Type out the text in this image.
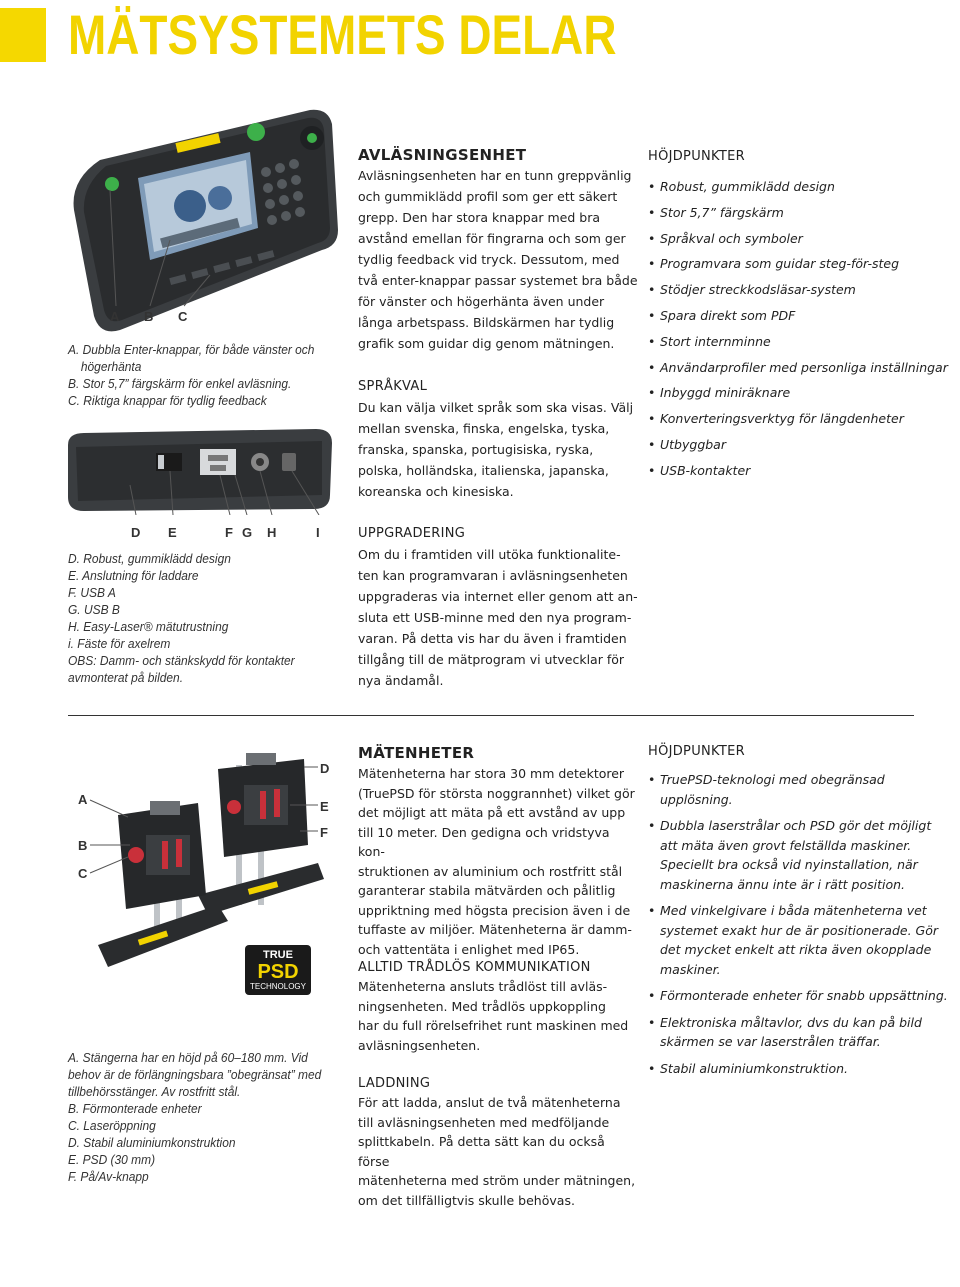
MÄTSYSTEMETS DELAR
A B C
A. Dubbla Enter-knappar, för både vänster och
högerhänta
B. Stor 5,7” färgskärm för enkel avläsning.
C. Riktiga knappar för tydlig feedback
D E	F G H	I
D. Robust, gummiklädd design
E. Anslutning för laddare
F. USB A
G. USB B
H. Easy-Laser® mätutrustning
i. Fäste för axelrem
OBS: Damm- och stänkskydd för kontakter
avmonterat på bilden.
AVLÄSNINGSENHET
Avläsningsenheten har en tunn greppvänlig
och gummiklädd profil som ger ett säkert
grepp. Den har stora knappar med bra
avstånd emellan för fingrarna och som ger
tydlig feedback vid tryck. Dessutom, med
två enter-knappar passar systemet bra både
för vänster och högerhänta även under
långa arbetspass. Bildskärmen har tydlig
grafik som guidar dig genom mätningen.
SPRÅKVAL
Du kan välja vilket språk som ska visas. Välj
mellan svenska, finska, engelska, tyska,
franska, spanska, portugisiska, ryska,
polska, holländska, italienska, japanska,
koreanska och kinesiska.
HÖJDPUNKTER
• Robust, gummiklädd design
• Stor 5,7” färgskärm
• Språkval och symboler
• Programvara som guidar steg-för-steg
• Stödjer streckkodsläsar-system
• Spara direkt som PDF
• Stort internminne
• Användarprofiler med personliga inställningar
• Inbyggd miniräknare
• Konverteringsverktyg för längdenheter
• Utbyggbar
• USB-kontakter
UPPGRADERING
Om du i framtiden vill utöka funktionalite-
ten kan programvaran i avläsningsenheten
uppgraderas via internet eller genom att an-
sluta ett USB-minne med den nya program-
varan. På detta vis har du även i framtiden
tillgång till de mätprogram vi utvecklar för
nya ändamål.
A
B
C
D
E
F
TRUE
PSD
TECHNOLOGY
A. Stängerna har en höjd på 60–180 mm. Vid
behov är de förlängningsbara ”obegränsat” med
tillbehörsstänger. Av rostfritt stål.
B. Förmonterade enheter
C. Laseröppning
D. Stabil aluminiumkonstruktion
E. PSD (30 mm)
F. På/Av-knapp
MÄTENHETER
Mätenheterna har stora 30 mm detektorer
(TruePSD för största noggrannhet) vilket gör
det möjligt att mäta på ett avstånd av upp
till 10 meter. Den gedigna och vridstyva kon-
struktionen av aluminium och rostfritt stål
garanterar stabila mätvärden och pålitlig
uppriktning med högsta precision även i de
tuffaste av miljöer. Mätenheterna är damm-
och vattentäta i enlighet med IP65.
ALLTID TRÅDLÖS KOMMUNIKATION
Mätenheterna ansluts trådlöst till avläs-
ningsenheten. Med trådlös uppkoppling
har du full rörelsefrihet runt maskinen med
avläsningsenheten.
LADDNING
För att ladda, anslut de två mätenheterna
till avläsningsenheten med medföljande
splittkabeln. På detta sätt kan du också förse
mätenheterna med ström under mätningen,
om det tillfälligtvis skulle behövas.
HÖJDPUNKTER
• TruePSD-teknologi med obegränsad upplösning.
• Dubbla laserstrålar och PSD gör det möjligt
att mäta även grovt felställda maskiner.
Speciellt bra också vid nyinstallation, när
maskinerna ännu inte är i rätt position.
• Med vinkelgivare i båda mätenheterna vet
systemet exakt hur de är positionerade. Gör
det mycket enkelt att rikta även okopplade
maskiner.
• Förmonterade enheter för snabb uppsättning.
• Elektroniska måltavlor, dvs du kan på bild
skärmen se var laserstrålen träffar.
• Stabil aluminiumkonstruktion.
